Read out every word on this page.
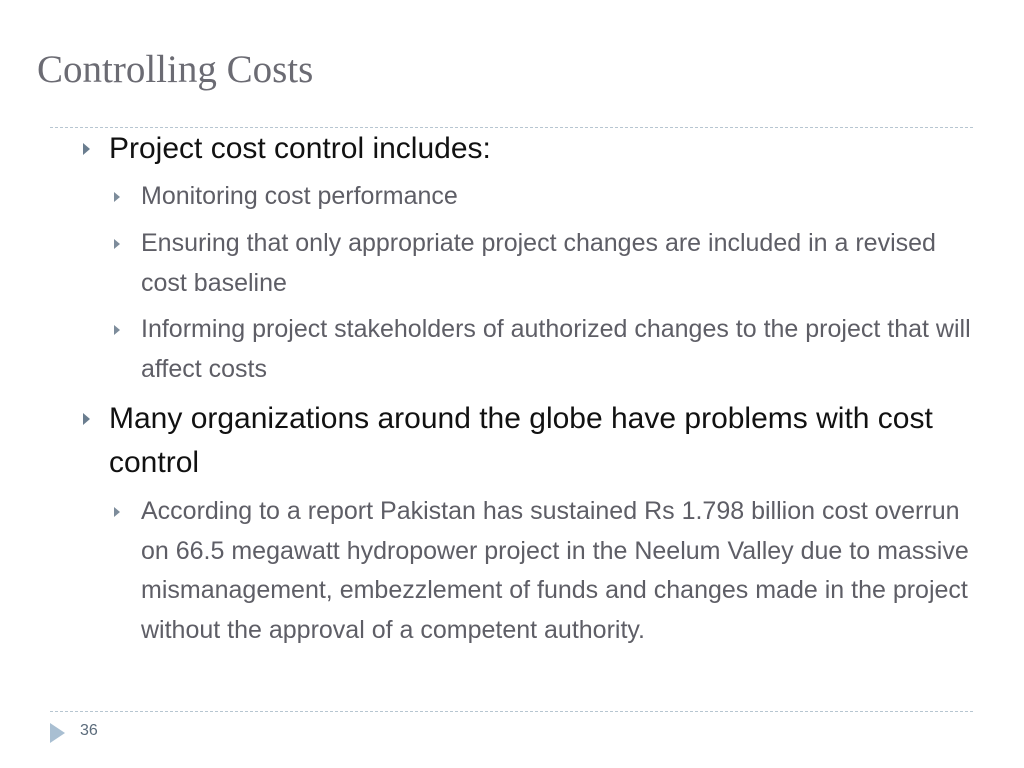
Controlling Costs
Project cost control includes:
Monitoring cost performance
Ensuring that only appropriate project changes are included in a revised cost baseline
Informing project stakeholders of authorized changes to the project that will affect costs
Many organizations around the globe have problems with cost control
According to a report Pakistan has sustained Rs 1.798 billion cost overrun on 66.5 megawatt hydropower project in the Neelum Valley due to massive mismanagement, embezzlement of funds and changes made in the project without the approval of a competent authority.
36
